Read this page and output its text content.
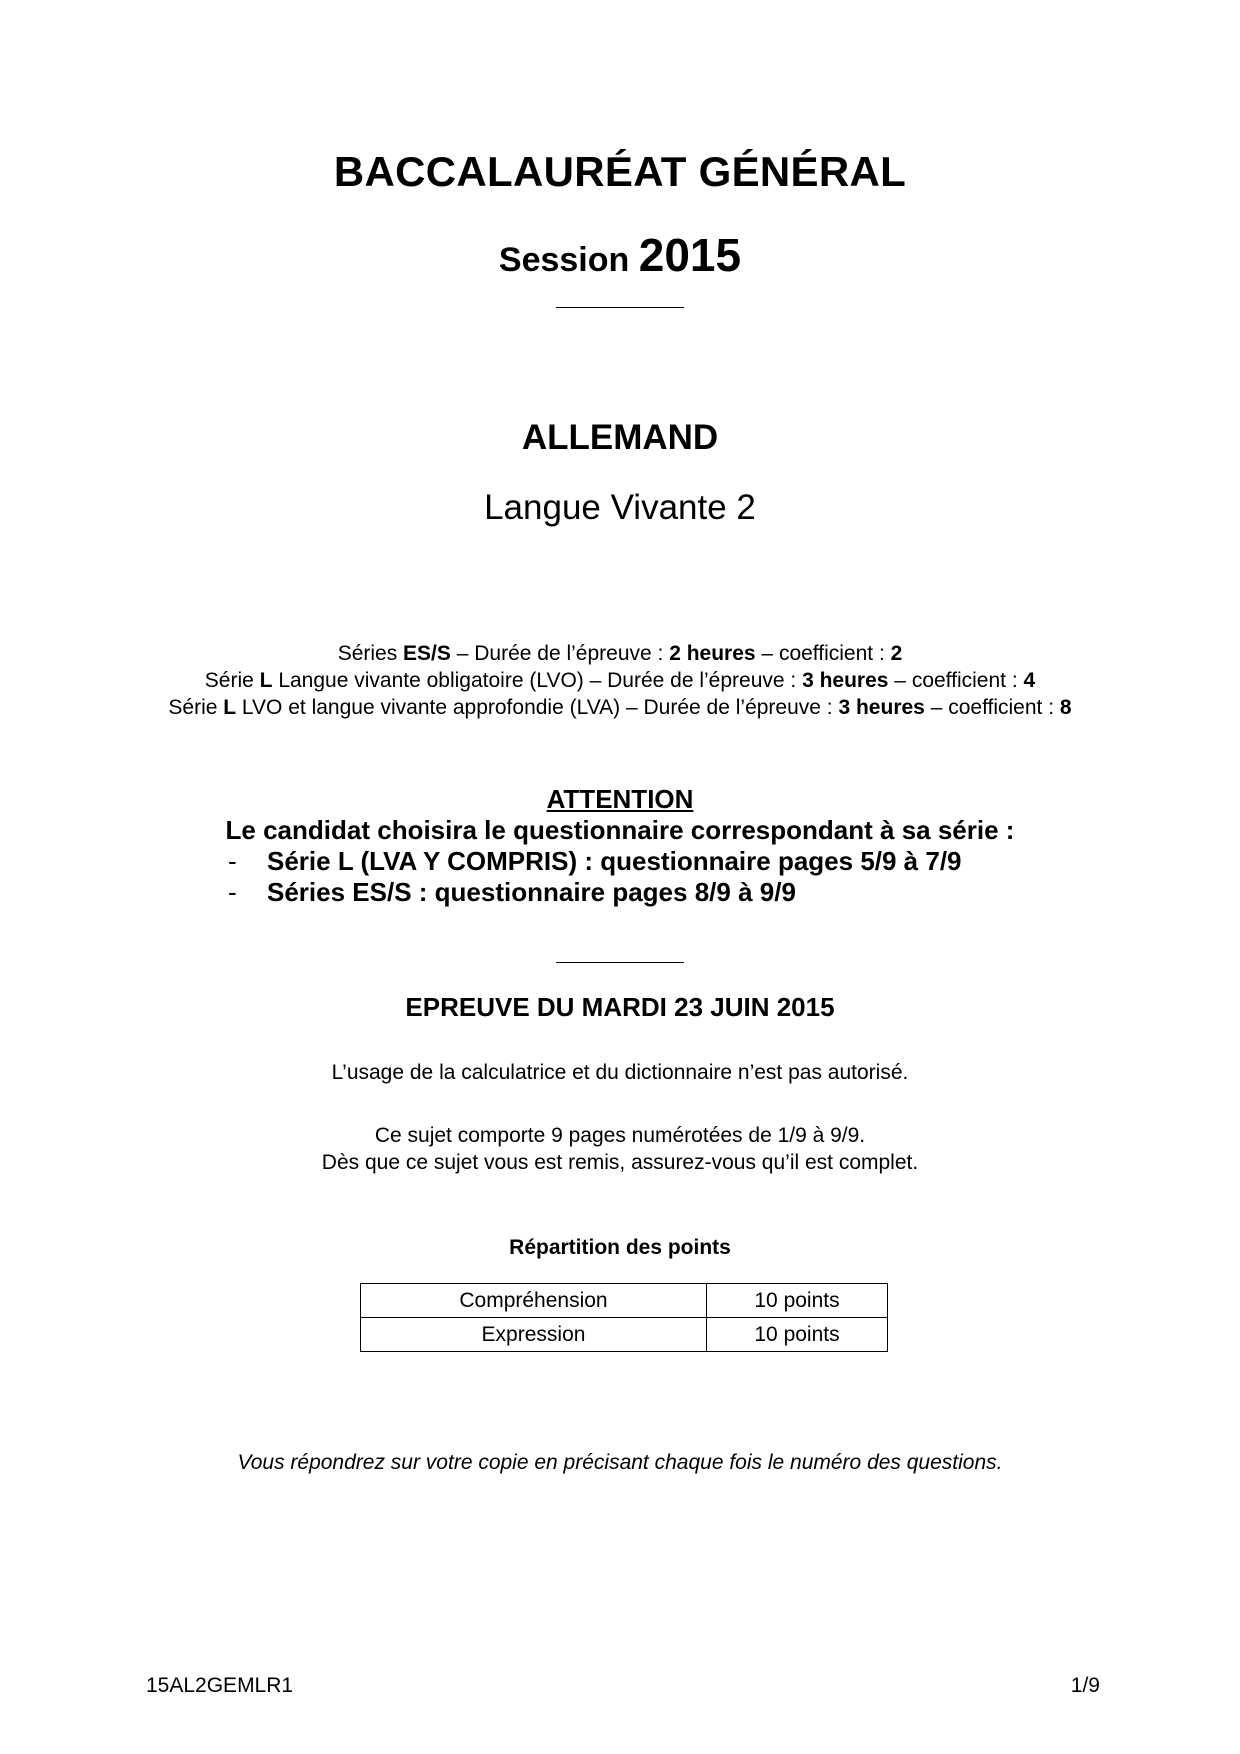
BACCALAURÉAT GÉNÉRAL
Session 2015
ALLEMAND
Langue Vivante 2
Séries ES/S – Durée de l’épreuve : 2 heures – coefficient : 2
Série L Langue vivante obligatoire (LVO) – Durée de l’épreuve : 3 heures – coefficient : 4
Série L LVO et langue vivante approfondie (LVA) – Durée de l’épreuve : 3 heures – coefficient : 8
ATTENTION
Le candidat choisira le questionnaire correspondant à sa série :
- Série L (LVA Y COMPRIS) : questionnaire pages 5/9 à 7/9
- Séries ES/S : questionnaire pages 8/9 à 9/9
EPREUVE DU MARDI 23 JUIN 2015
L’usage de la calculatrice et du dictionnaire n’est pas autorisé.
Ce sujet comporte 9 pages numérotées de 1/9 à 9/9.
Dès que ce sujet vous est remis, assurez-vous qu’il est complet.
Répartition des points
Compréhension	10 points
Expression	10 points
Vous répondrez sur votre copie en précisant chaque fois le numéro des questions.
15AL2GEMLR1	1/9
